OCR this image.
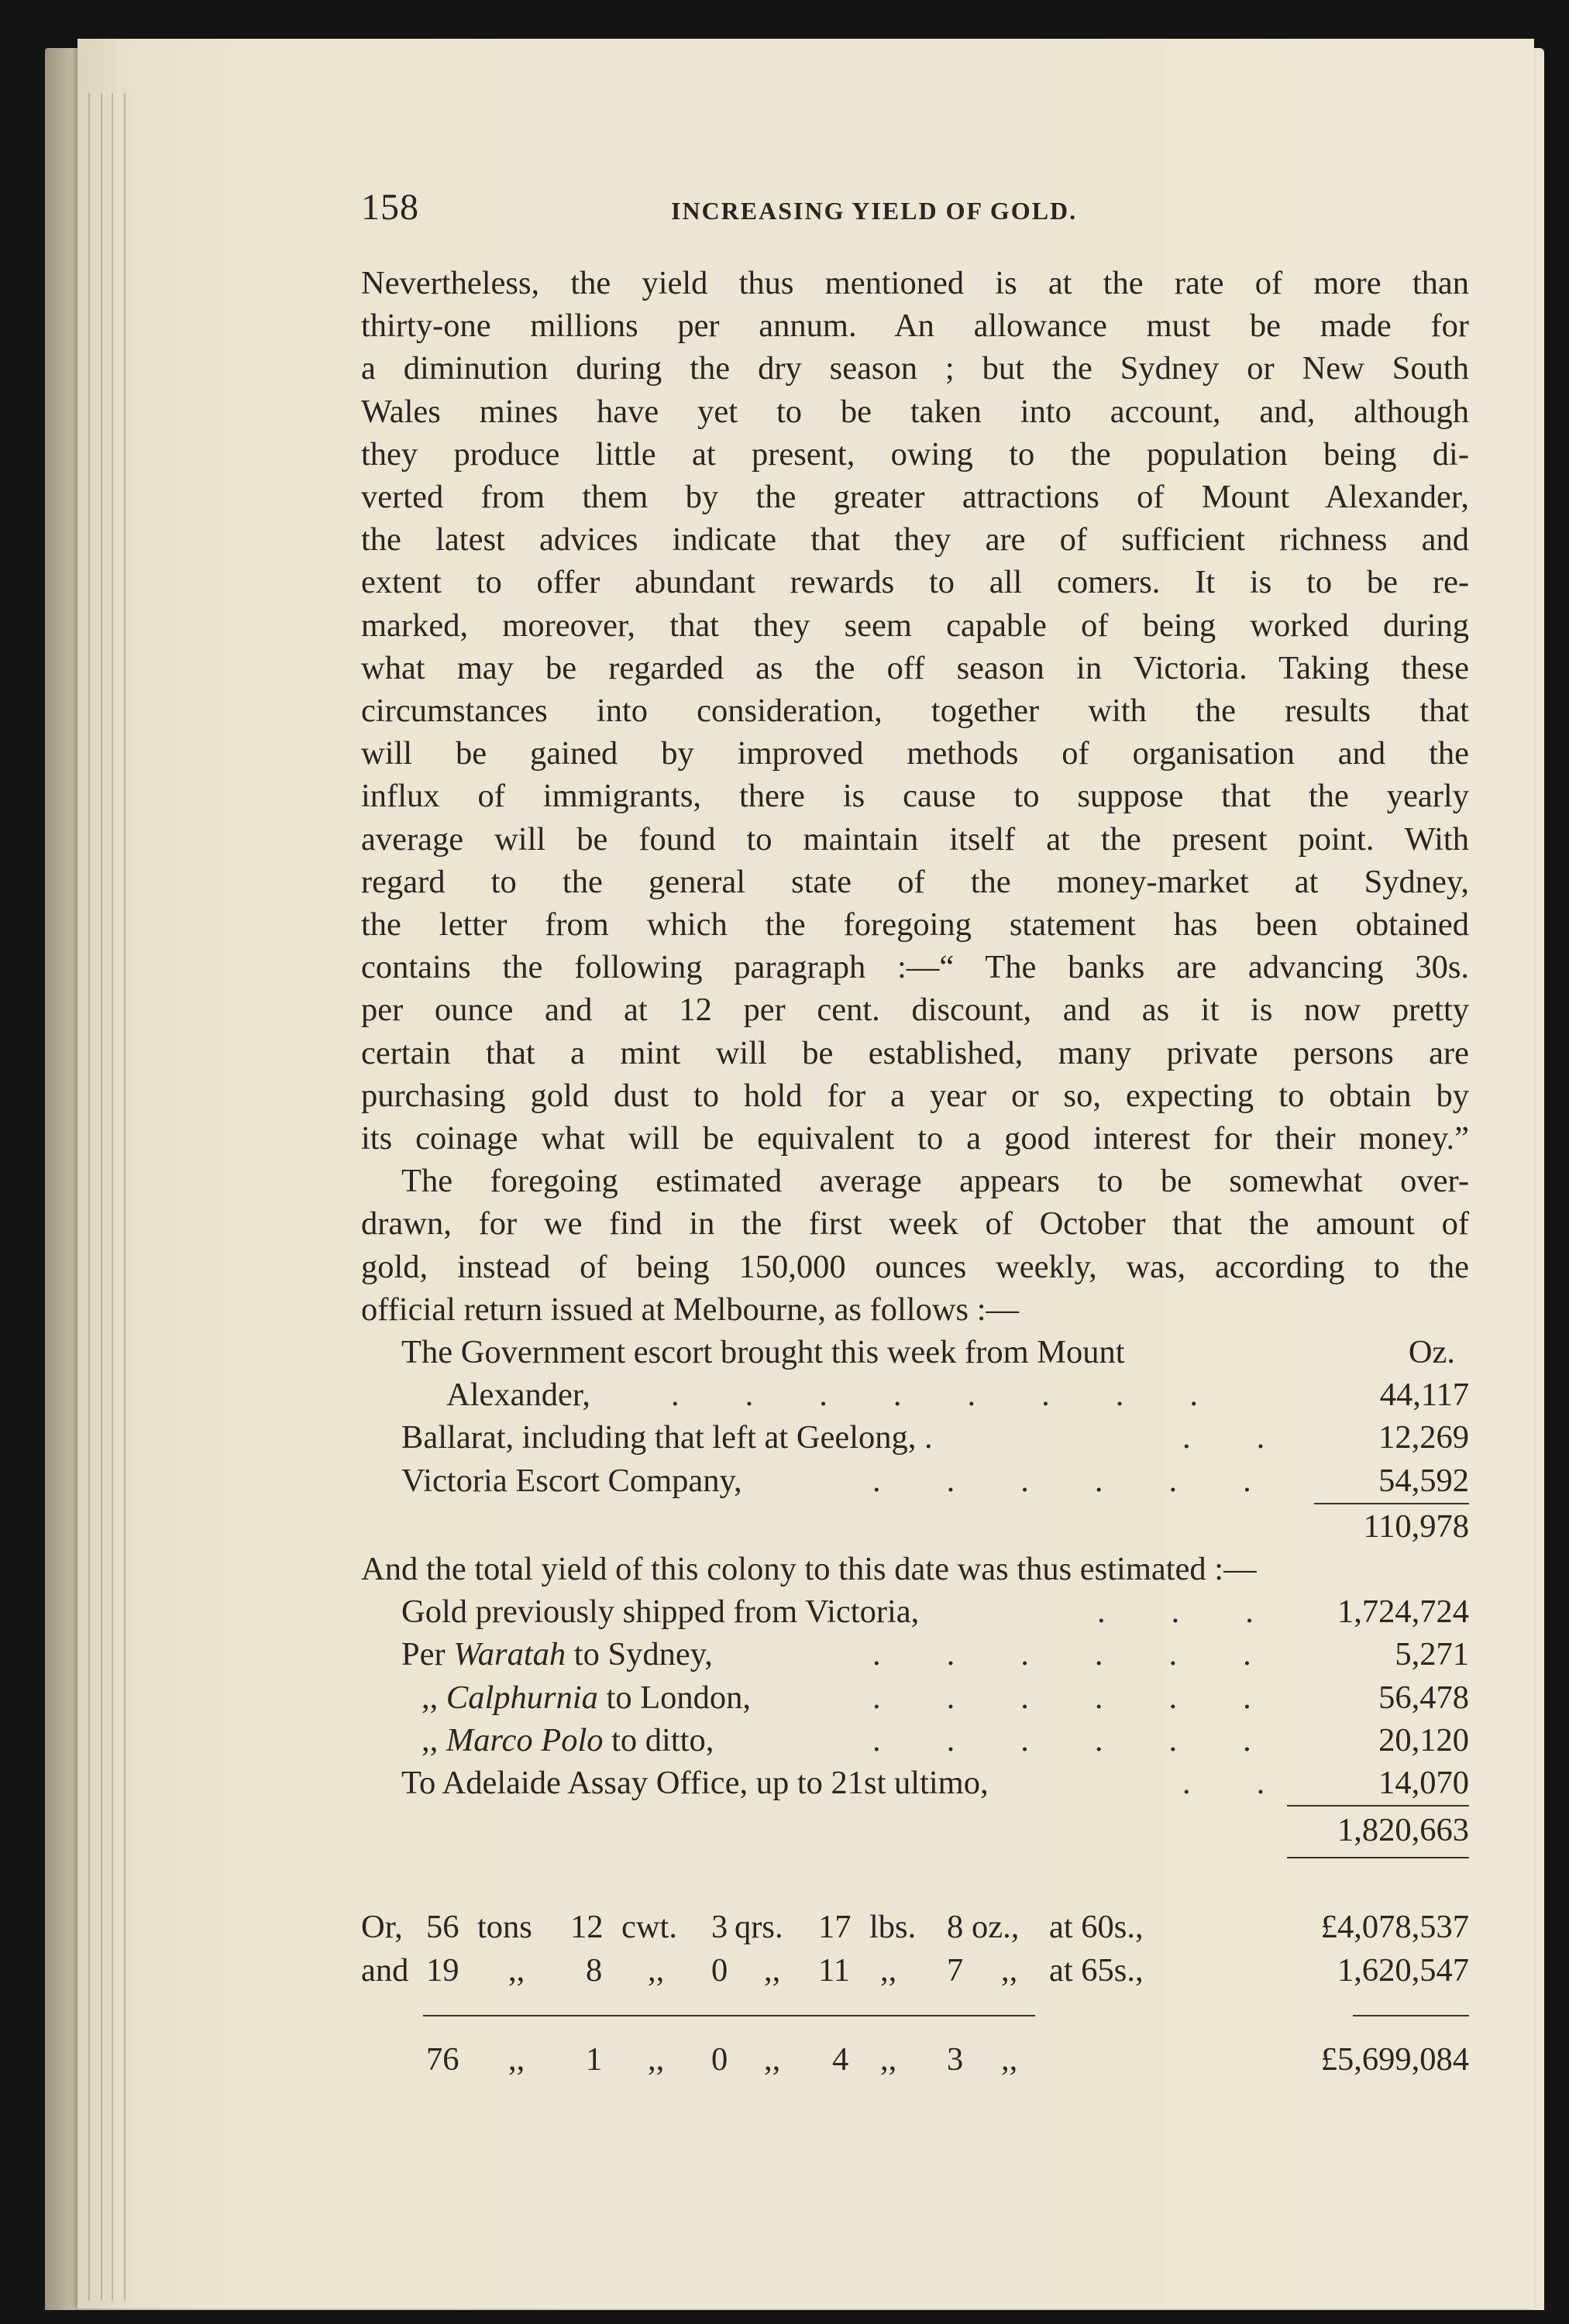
158	INCREASING YIELD OF GOLD.

Nevertheless, the yield thus mentioned is at the rate of more than

thirty-one millions per annum. An allowance must be made for

a diminution during the dry season ; but the Sydney or New South

Wales mines have yet to be taken into account, and, although

they produce little at present, owing to the population being di-

verted from them by the greater attractions of Mount Alexander,

the latest advices indicate that they are of sufficient richness and

extent to offer abundant rewards to all comers. It is to be re-

marked, moreover, that they seem capable of being worked during

what may be regarded as the off season in Victoria. Taking these

circumstances into consideration, together with the results that

will be gained by improved methods of organisation and the

influx of immigrants, there is cause to suppose that the yearly

average will be found to maintain itself at the present point. With

regard to the general state of the money-market at Sydney,

the letter from which the foregoing statement has been obtained

contains the following paragraph :—“ The banks are advancing 30s.

per ounce and at 12 per cent. discount, and as it is now pretty

certain that a mint will be established, many private persons are

purchasing gold dust to hold for a year or so, expecting to obtain by

its coinage what will be equivalent to a good interest for their money.”

The foregoing estimated average appears to be somewhat over-

drawn, for we find in the first week of October that the amount of

gold, instead of being 150,000 ounces weekly, was, according to the

official return issued at Melbourne, as follows :—

The Government escort brought this week from Mount	Oz.
Alexander, .        .        .        .        .        .        .        .	44,117
Ballarat, including that left at Geelong, .	.        .	12,269
Victoria Escort Company,	.        .        .        .        .        .	54,592
110,978

And the total yield of this colony to this date was thus estimated :—

Gold previously shipped from Victoria,	.        .        .	1,724,724
Per Waratah to Sydney,	.        .        .        .        .        .	5,271
,, Calphurnia to London,	.        .        .        .        .        .	56,478
,, Marco Polo to ditto,	.        .        .        .        .        .	20,120
To Adelaide Assay Office, up to 21st ultimo,	.        .	14,070
1,820,663
Or, 56 tons 12 cwt. 3 qrs. 17 lbs. 8 oz., at 60s.,	£4,078,537
and 19 ,, 8 ,, 0 ,, 11 ,, 7 ,, at 65s.,	1,620,547
76 ,, 1 ,, 0 ,, 4 ,, 3 ,,	£5,699,084
